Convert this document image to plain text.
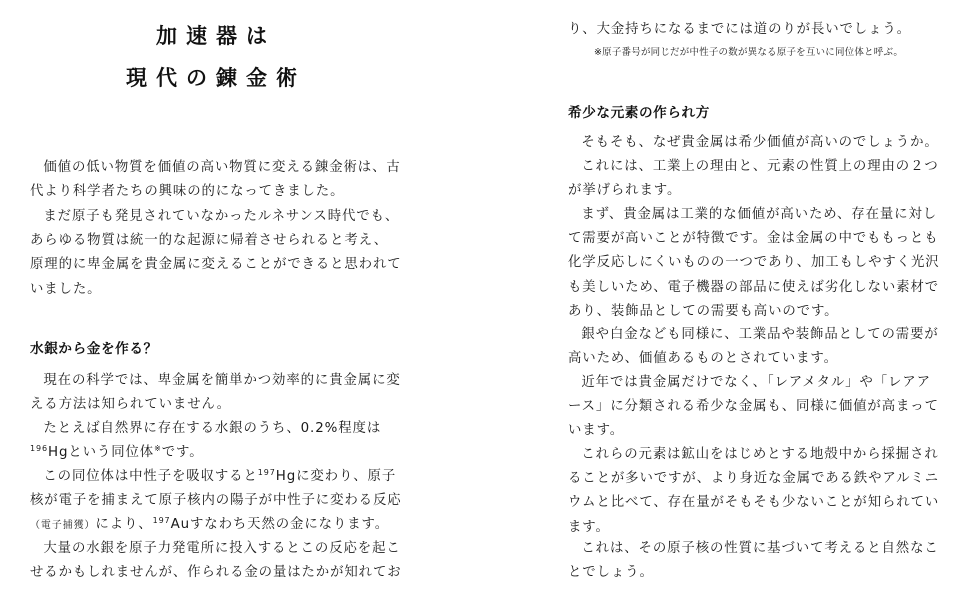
加速器は
現代の錬金術

価値の低い物質を価値の高い物質に変える錬金術は、古代より科学者たちの興味の的になってきました。

まだ原子も発見されていなかったルネサンス時代でも、あらゆる物質は統一的な起源に帰着させられると考え、原理的に卑金属を貴金属に変えることができると思われていました。

水銀から金を作る？

現在の科学では、卑金属を簡単かつ効率的に貴金属に変える方法は知られていません。

たとえば自然界に存在する水銀のうち、0.2%程度は$^{196}$Hgという同位体※です。

この同位体は中性子を吸収すると$^{197}$Hgに変わり、原子核が電子を捕まえて原子核内の陽子が中性子に変わる反応（電子捕獲）により、$^{197}$Auすなわち天然の金になります。

大量の水銀を原子力発電所に投入するとこの反応を起こせるかもしれませんが、作られる金の量はたかが知れてお

り、大金持ちになるまでには道のりが長いでしょう。

※原子番号が同じだが中性子の数が異なる原子を互いに同位体と呼ぶ。
希少な元素の作られ方

そもそも、なぜ貴金属は希少価値が高いのでしょうか。

これには、工業上の理由と、元素の性質上の理由の２つが挙げられます。

まず、貴金属は工業的な価値が高いため、存在量に対して需要が高いことが特徴です。金は金属の中でももっとも化学反応しにくいものの一つであり、加工もしやすく光沢も美しいため、電子機器の部品に使えば劣化しない素材であり、装飾品としての需要も高いのです。

銀や白金なども同様に、工業品や装飾品としての需要が高いため、価値あるものとされています。

近年では貴金属だけでなく、「レアメタル」や「レアアース」に分類される希少な金属も、同様に価値が高まっています。

これらの元素は鉱山をはじめとする地殻中から採掘されることが多いですが、より身近な金属である鉄やアルミニウムと比べて、存在量がそもそも少ないことが知られています。

これは、その原子核の性質に基づいて考えると自然なことでしょう。
